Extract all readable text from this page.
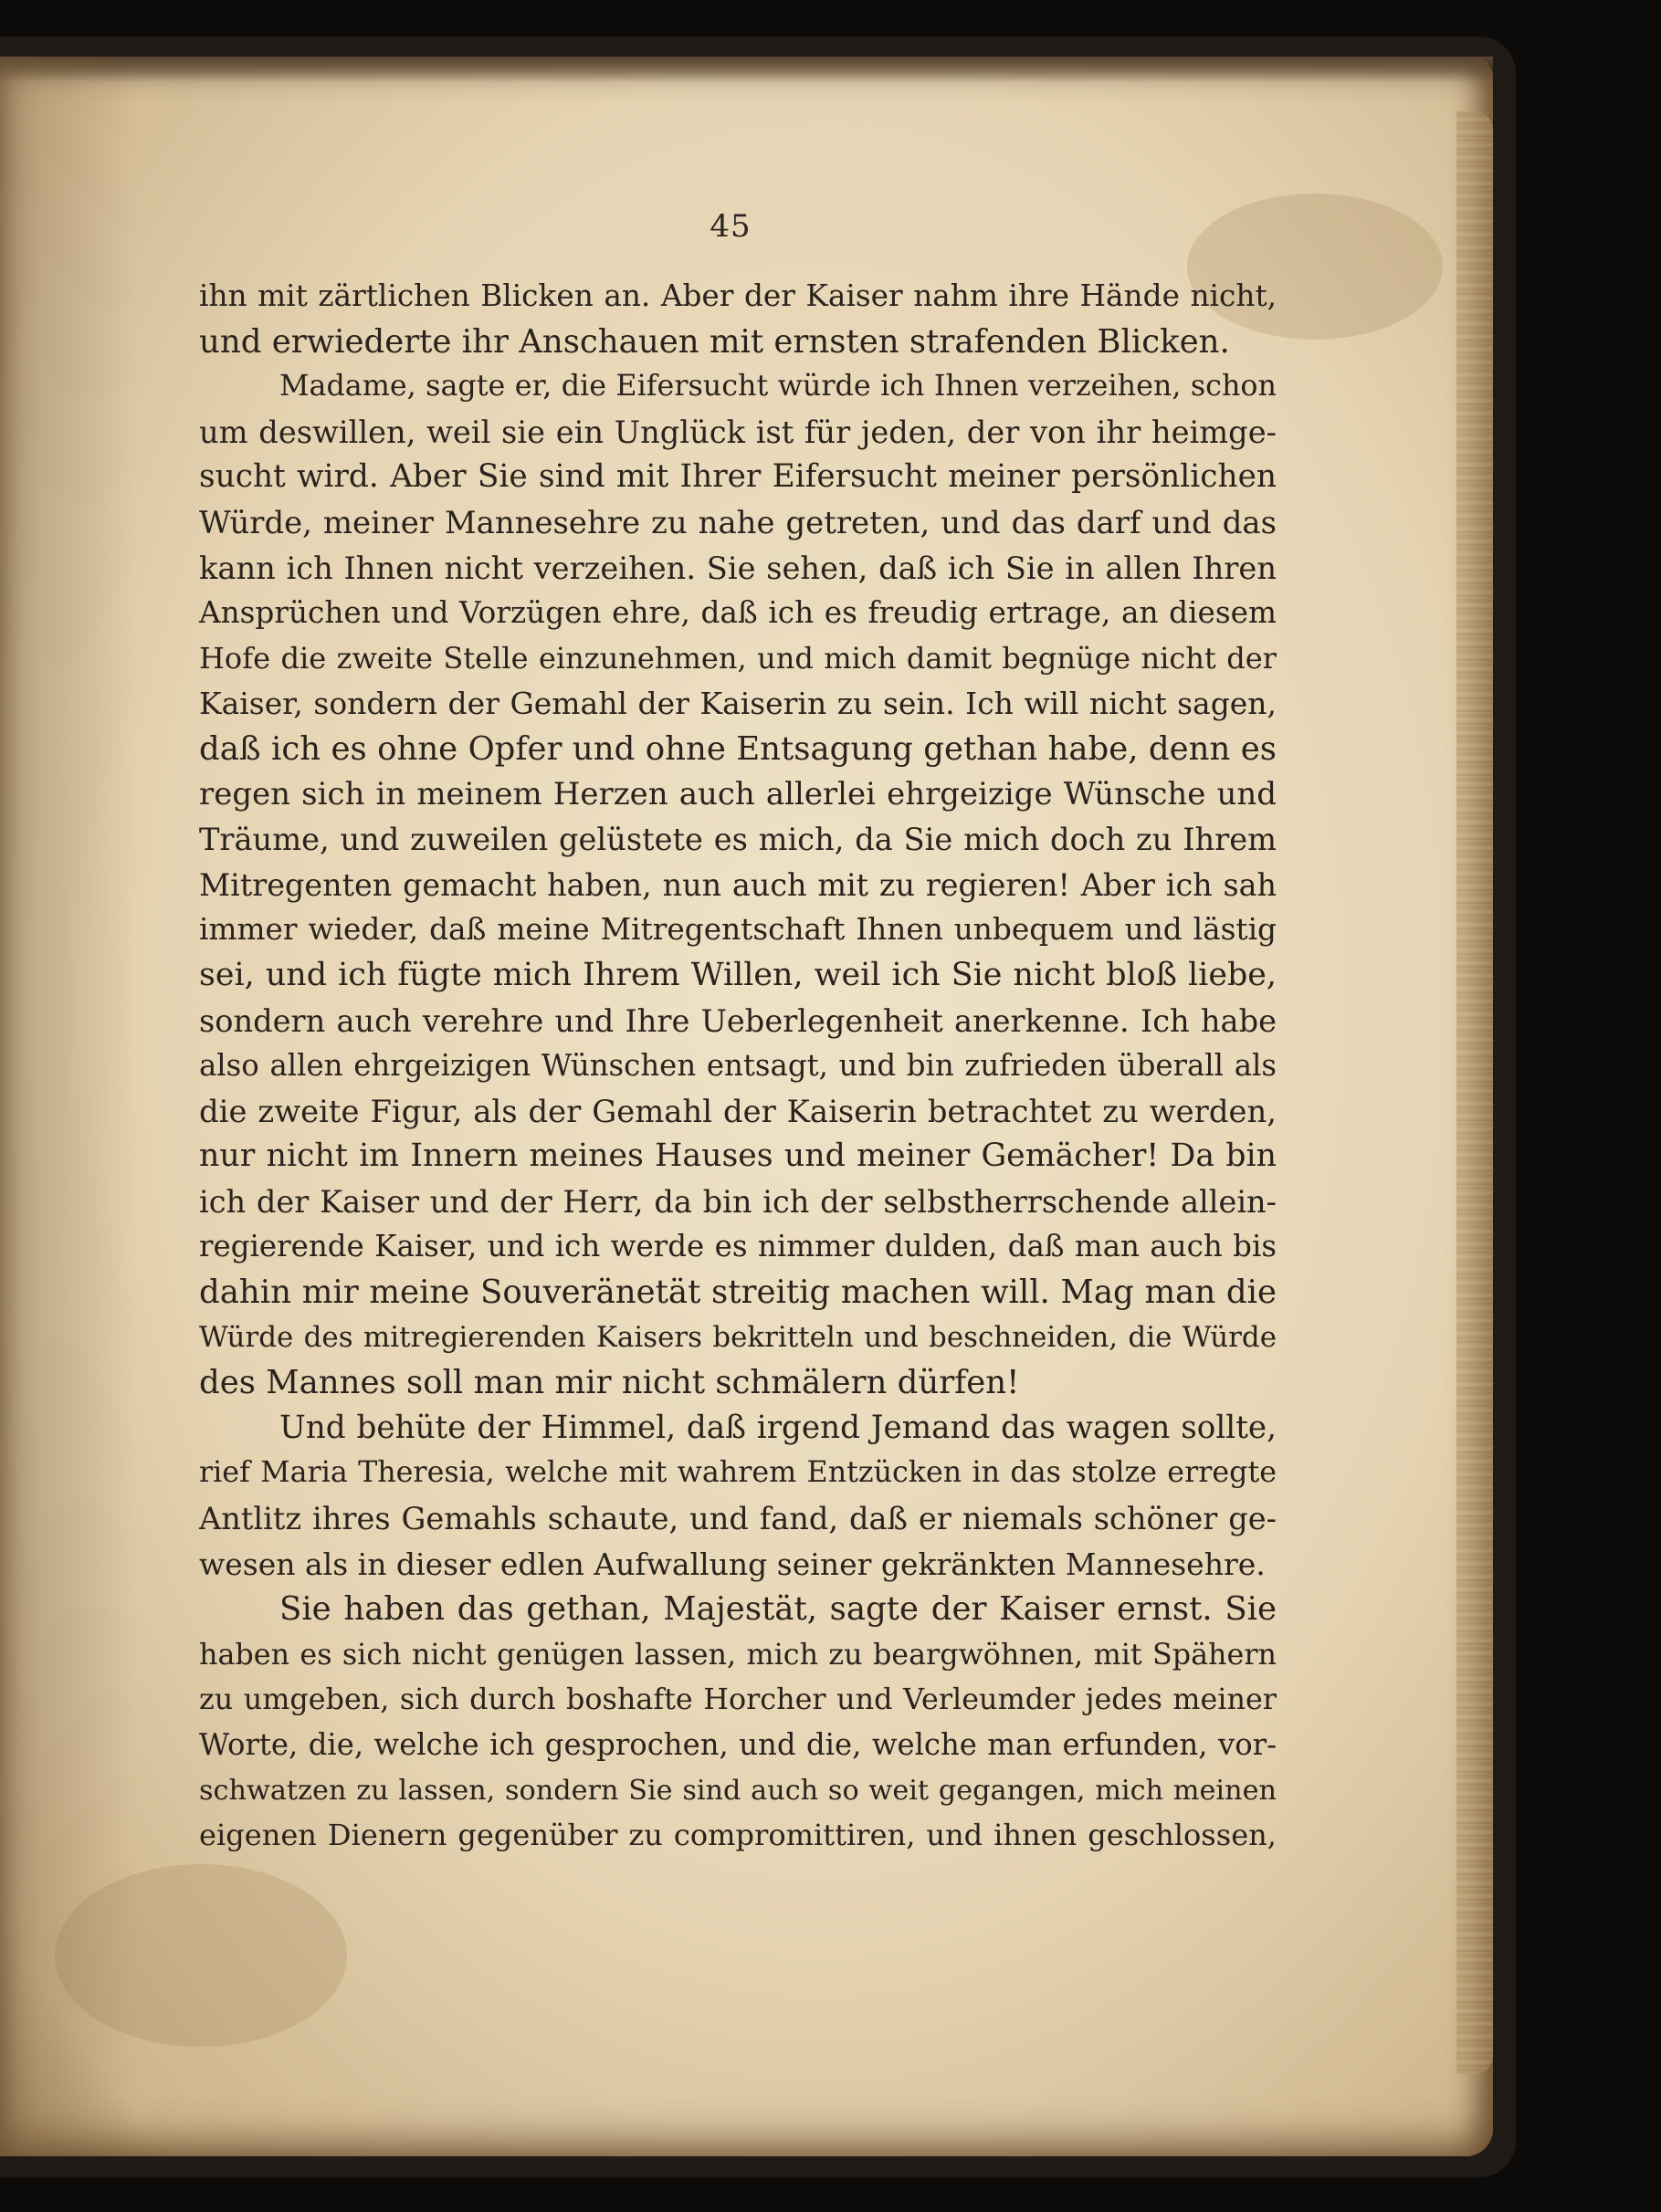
45
ihn mit zärtlichen Blicken an. Aber der Kaiser nahm ihre Hände nicht,
und erwiederte ihr Anschauen mit ernsten strafenden Blicken.
Madame, sagte er, die Eifersucht würde ich Ihnen verzeihen, schon
um deswillen, weil sie ein Unglück ist für jeden, der von ihr heimge-
sucht wird. Aber Sie sind mit Ihrer Eifersucht meiner persönlichen
Würde, meiner Mannesehre zu nahe getreten, und das darf und das
kann ich Ihnen nicht verzeihen. Sie sehen, daß ich Sie in allen Ihren
Ansprüchen und Vorzügen ehre, daß ich es freudig ertrage, an diesem
Hofe die zweite Stelle einzunehmen, und mich damit begnüge nicht der
Kaiser, sondern der Gemahl der Kaiserin zu sein. Ich will nicht sagen,
daß ich es ohne Opfer und ohne Entsagung gethan habe, denn es
regen sich in meinem Herzen auch allerlei ehrgeizige Wünsche und
Träume, und zuweilen gelüstete es mich, da Sie mich doch zu Ihrem
Mitregenten gemacht haben, nun auch mit zu regieren! Aber ich sah
immer wieder, daß meine Mitregentschaft Ihnen unbequem und lästig
sei, und ich fügte mich Ihrem Willen, weil ich Sie nicht bloß liebe,
sondern auch verehre und Ihre Ueberlegenheit anerkenne. Ich habe
also allen ehrgeizigen Wünschen entsagt, und bin zufrieden überall als
die zweite Figur, als der Gemahl der Kaiserin betrachtet zu werden,
nur nicht im Innern meines Hauses und meiner Gemächer! Da bin
ich der Kaiser und der Herr, da bin ich der selbstherrschende allein-
regierende Kaiser, und ich werde es nimmer dulden, daß man auch bis
dahin mir meine Souveränetät streitig machen will. Mag man die
Würde des mitregierenden Kaisers bekritteln und beschneiden, die Würde
des Mannes soll man mir nicht schmälern dürfen!
Und behüte der Himmel, daß irgend Jemand das wagen sollte,
rief Maria Theresia, welche mit wahrem Entzücken in das stolze erregte
Antlitz ihres Gemahls schaute, und fand, daß er niemals schöner ge-
wesen als in dieser edlen Aufwallung seiner gekränkten Mannesehre.
Sie haben das gethan, Majestät, sagte der Kaiser ernst. Sie
haben es sich nicht genügen lassen, mich zu beargwöhnen, mit Spähern
zu umgeben, sich durch boshafte Horcher und Verleumder jedes meiner
Worte, die, welche ich gesprochen, und die, welche man erfunden, vor-
schwatzen zu lassen, sondern Sie sind auch so weit gegangen, mich meinen
eigenen Dienern gegenüber zu compromittiren, und ihnen geschlossen,
